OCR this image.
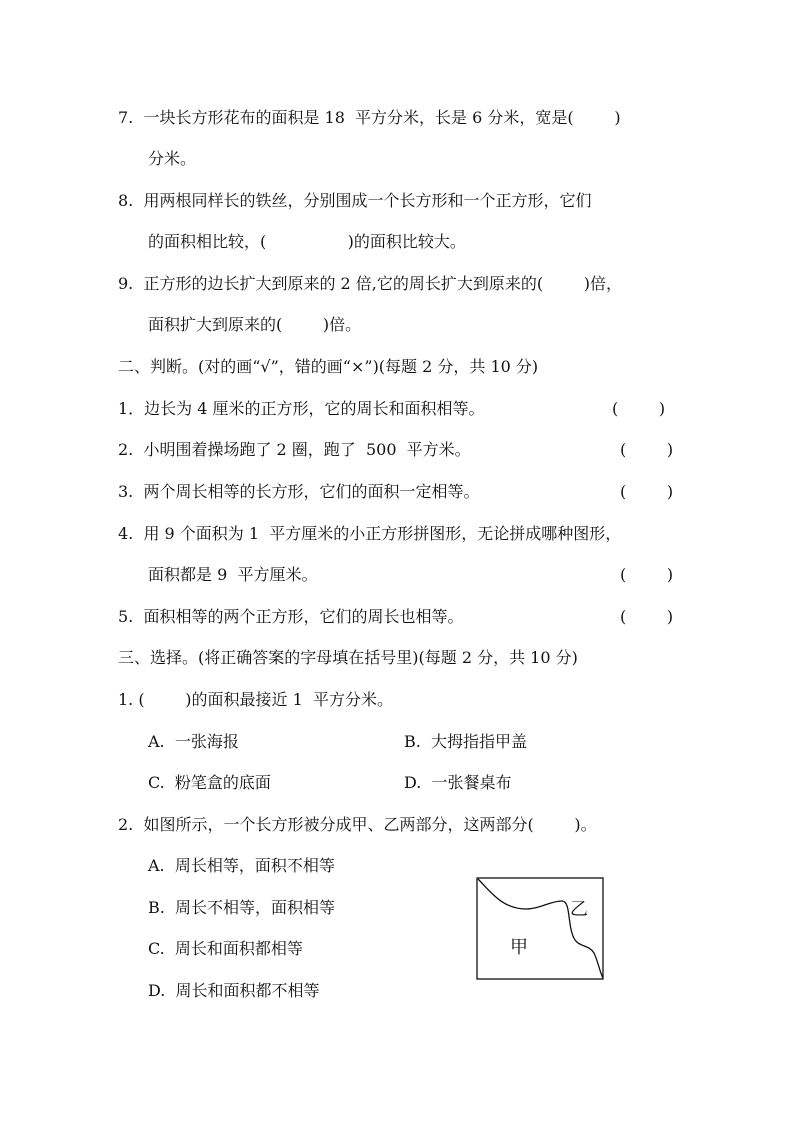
7.  一块长方形花布的面积是 18  平方分米，长是 6 分米，宽是(        )
分米。
8.  用两根同样长的铁丝，分别围成一个长方形和一个正方形，它们
的面积相比较，(                )的面积比较大。
9.  正方形的边长扩大到原来的 2 倍,它的周长扩大到原来的(        )倍，
面积扩大到原来的(        )倍。
二、判断。(对的画“√”，错的画“×”)(每题 2 分，共 10 分)
1．边长为 4 厘米的正方形，它的周长和面积相等。	(        )
2.  小明围着操场跑了 2 圈，跑了  500  平方米。	(        )
3.  两个周长相等的长方形，它们的面积一定相等。	(        )
4.  用 9 个面积为 1  平方厘米的小正方形拼图形，无论拼成哪种图形，
面积都是 9  平方厘米。	(        )
5.  面积相等的两个正方形，它们的周长也相等。	(        )
三、选择。(将正确答案的字母填在括号里)(每题 2 分，共 10 分)
1. (        )的面积最接近 1  平方分米。
A.  一张海报	B.  大拇指指甲盖
C.  粉笔盒的底面	D.  一张餐桌布
2.  如图所示，一个长方形被分成甲、乙两部分，这两部分(        )。
A.  周长相等，面积不相等
B.  周长不相等，面积相等
C.  周长和面积都相等
D.  周长和面积都不相等
甲
乙
